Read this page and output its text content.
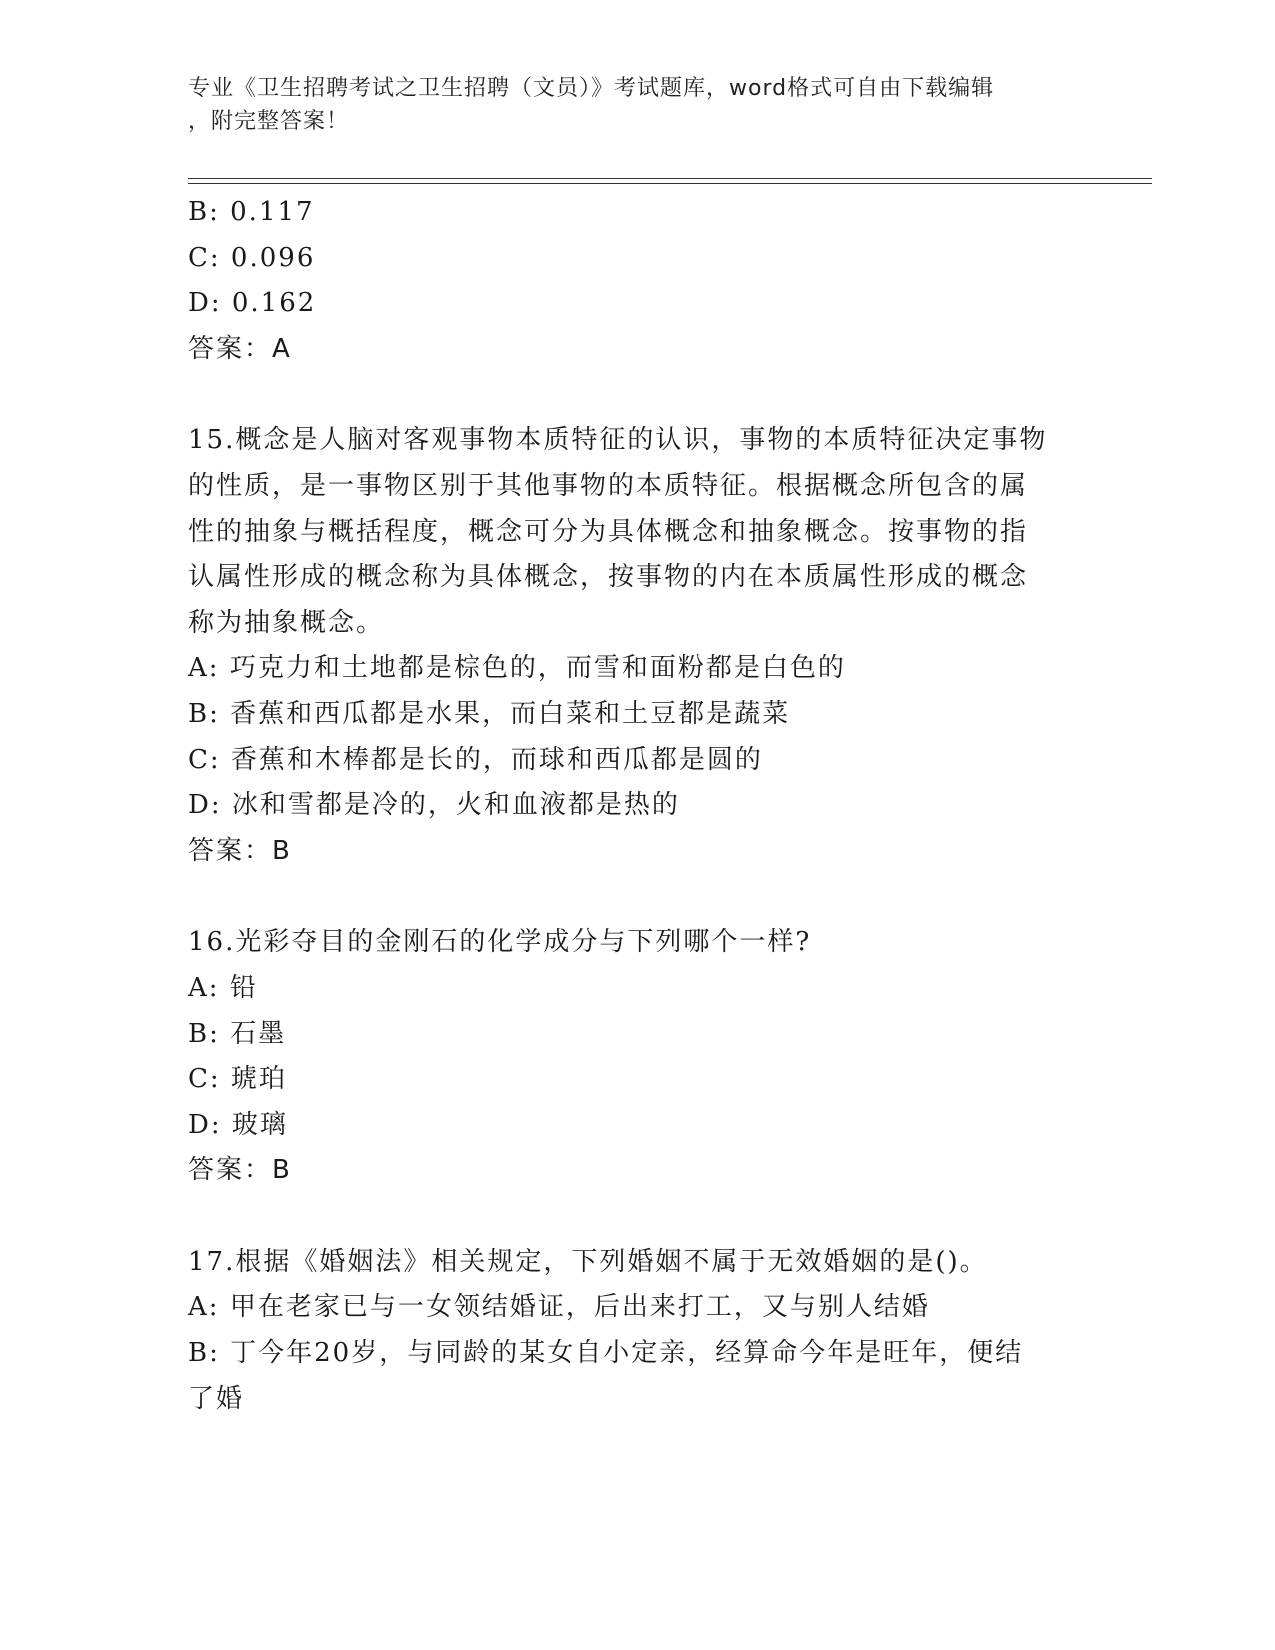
专业《卫生招聘考试之卫生招聘（文员）》考试题库，word格式可自由下载编辑
，附完整答案！
B: 0.117
C: 0.096
D: 0.162
答案：A
15.概念是人脑对客观事物本质特征的认识，事物的本质特征决定事物
的性质，是一事物区别于其他事物的本质特征。根据概念所包含的属
性的抽象与概括程度，概念可分为具体概念和抽象概念。按事物的指
认属性形成的概念称为具体概念，按事物的内在本质属性形成的概念
称为抽象概念。
A: 巧克力和土地都是棕色的，而雪和面粉都是白色的
B: 香蕉和西瓜都是水果，而白菜和土豆都是蔬菜
C: 香蕉和木棒都是长的，而球和西瓜都是圆的
D: 冰和雪都是冷的，火和血液都是热的
答案：B
16.光彩夺目的金刚石的化学成分与下列哪个一样?
A: 铅
B: 石墨
C: 琥珀
D: 玻璃
答案：B
17.根据《婚姻法》相关规定，下列婚姻不属于无效婚姻的是()。
A: 甲在老家已与一女领结婚证，后出来打工，又与别人结婚
B: 丁今年20岁，与同龄的某女自小定亲，经算命今年是旺年，便结
了婚
